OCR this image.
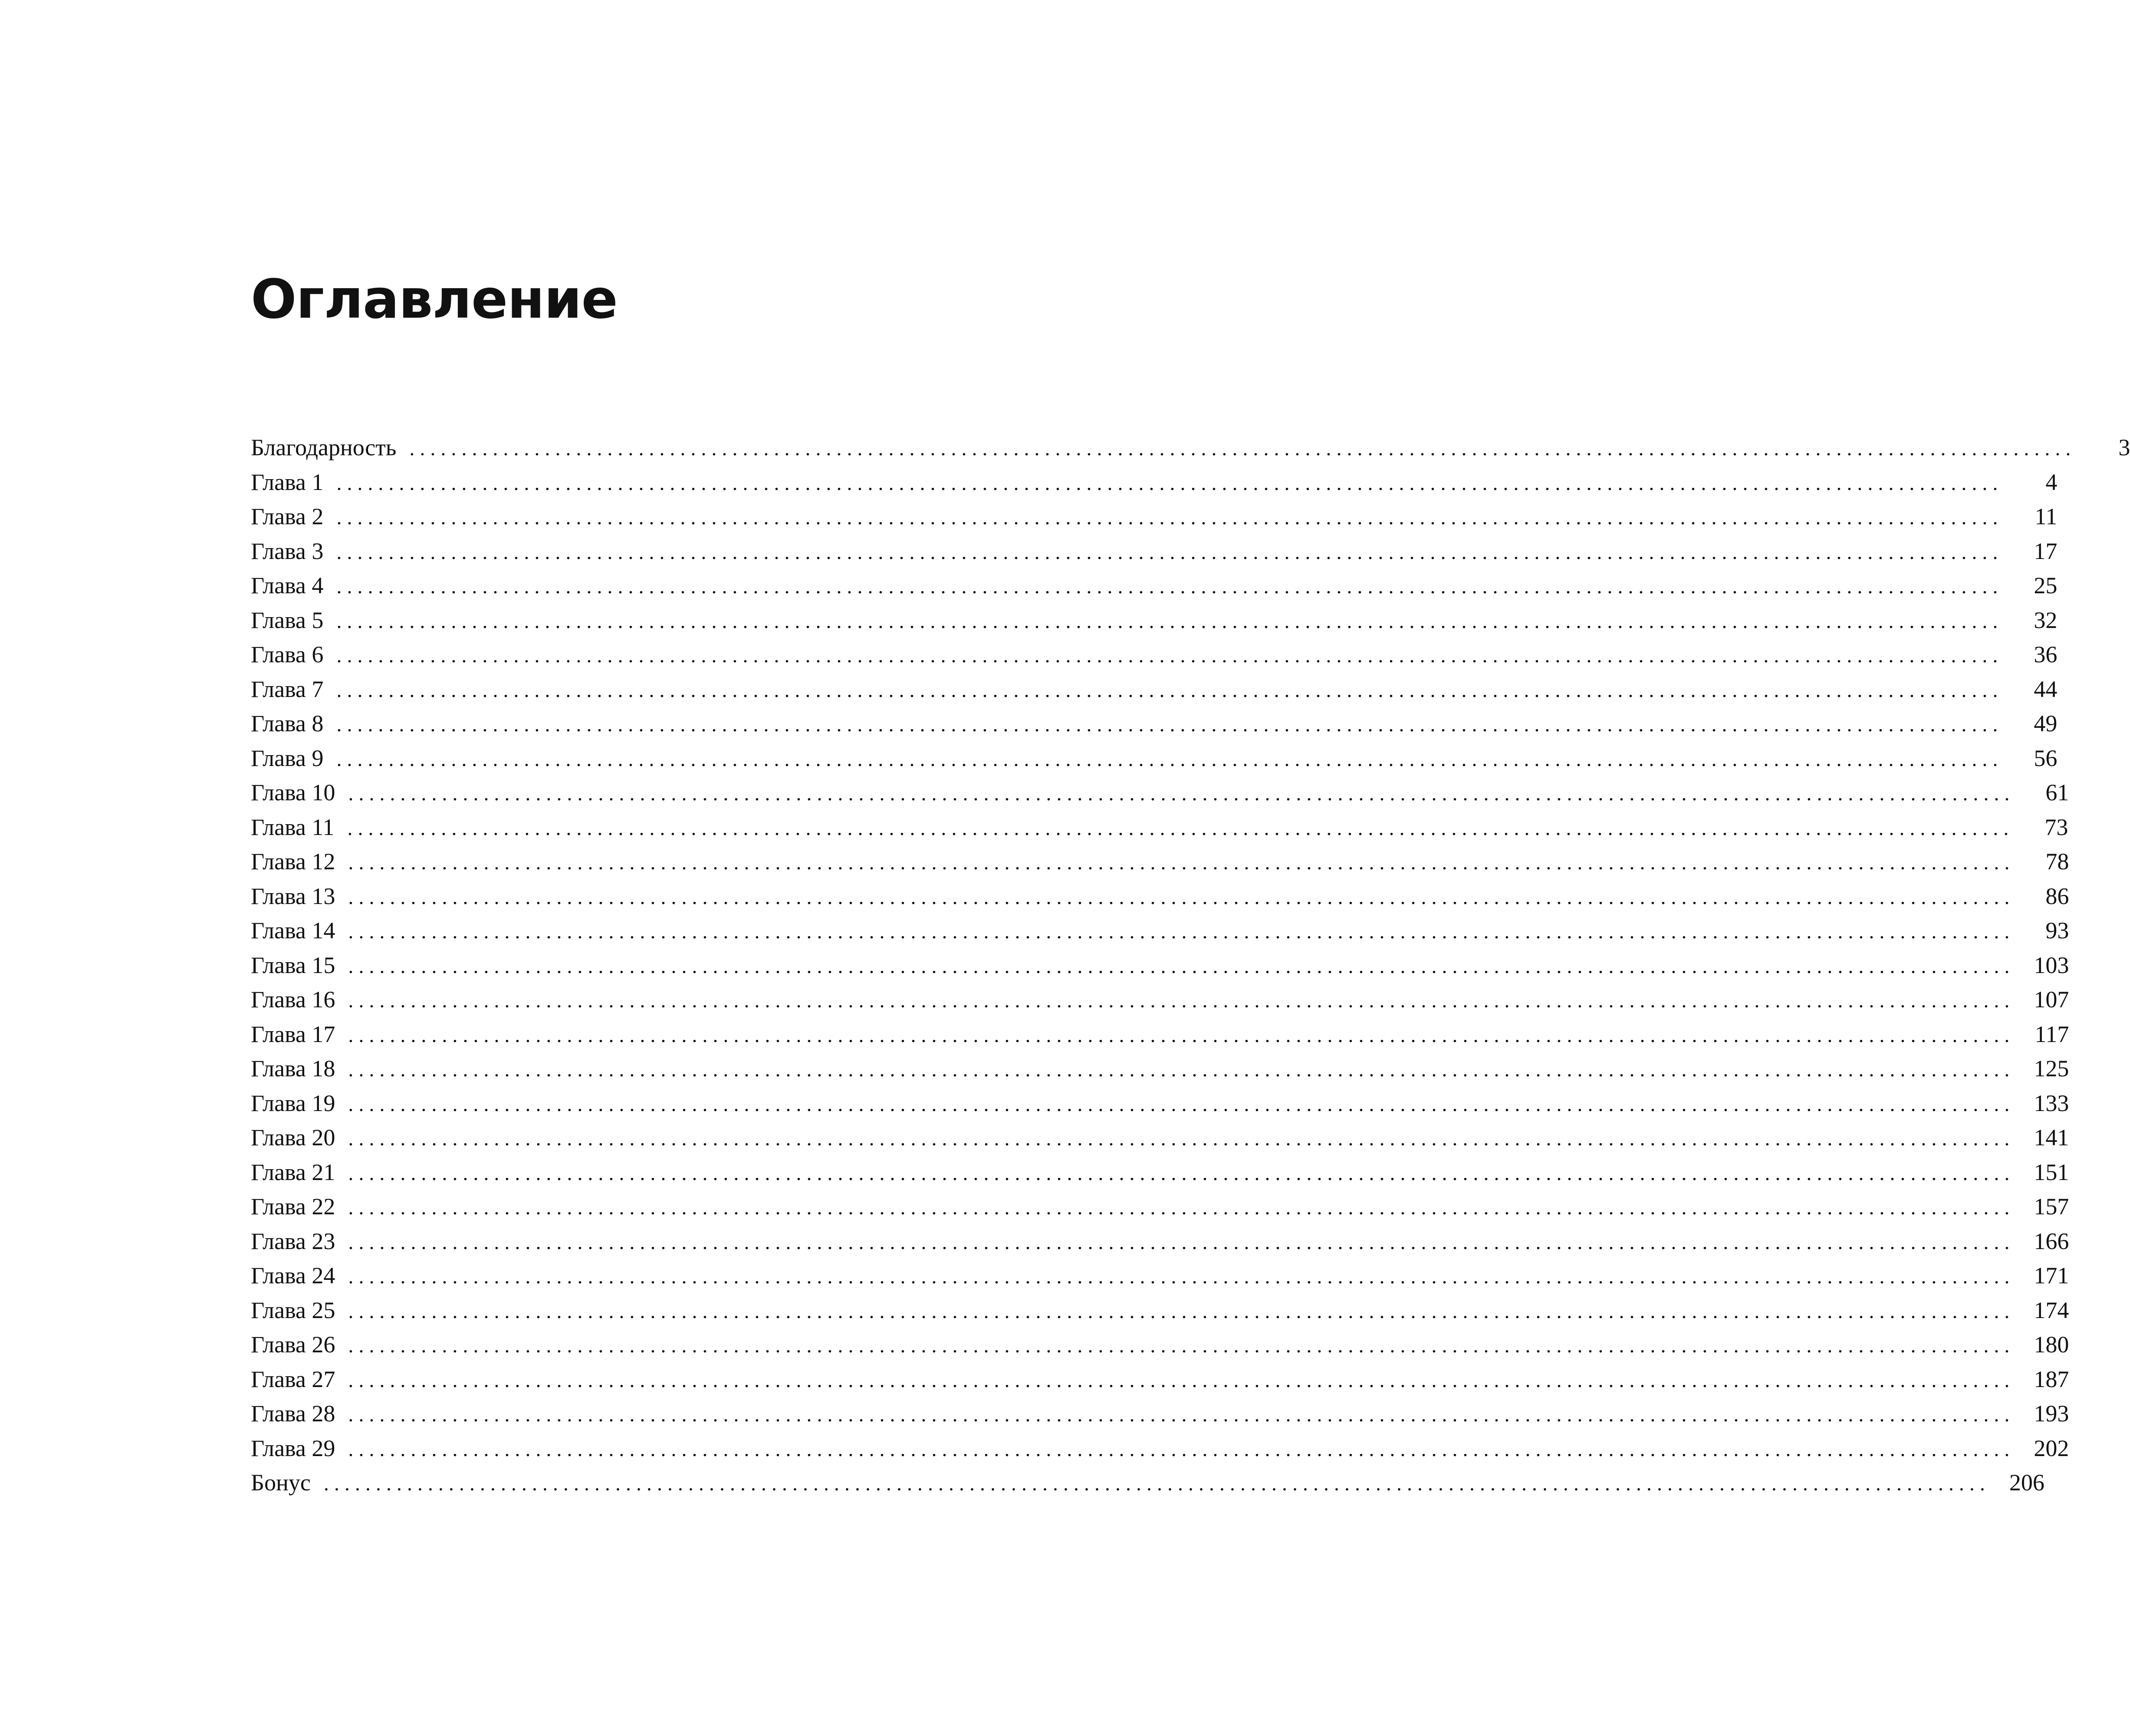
Оглавление
Благодарность ................................................................................................................................................................	3
Глава 1 ................................................................................................................................................................	4
Глава 2 ................................................................................................................................................................	11
Глава 3 ................................................................................................................................................................	17
Глава 4 ................................................................................................................................................................	25
Глава 5 ................................................................................................................................................................	32
Глава 6 ................................................................................................................................................................	36
Глава 7 ................................................................................................................................................................	44
Глава 8 ................................................................................................................................................................	49
Глава 9 ................................................................................................................................................................	56
Глава 10 ................................................................................................................................................................	61
Глава 11 ................................................................................................................................................................	73
Глава 12 ................................................................................................................................................................	78
Глава 13 ................................................................................................................................................................	86
Глава 14 ................................................................................................................................................................	93
Глава 15 ................................................................................................................................................................ 103
Глава 16 ................................................................................................................................................................ 107
Глава 17 ................................................................................................................................................................ 117
Глава 18 ................................................................................................................................................................ 125
Глава 19 ................................................................................................................................................................ 133
Глава 20 ................................................................................................................................................................ 141
Глава 21 ................................................................................................................................................................ 151
Глава 22 ................................................................................................................................................................ 157
Глава 23 ................................................................................................................................................................ 166
Глава 24 ................................................................................................................................................................ 171
Глава 25 ................................................................................................................................................................ 174
Глава 26 ................................................................................................................................................................ 180
Глава 27 ................................................................................................................................................................ 187
Глава 28 ................................................................................................................................................................ 193
Глава 29 ................................................................................................................................................................ 202
Бонус ................................................................................................................................................................ 206
